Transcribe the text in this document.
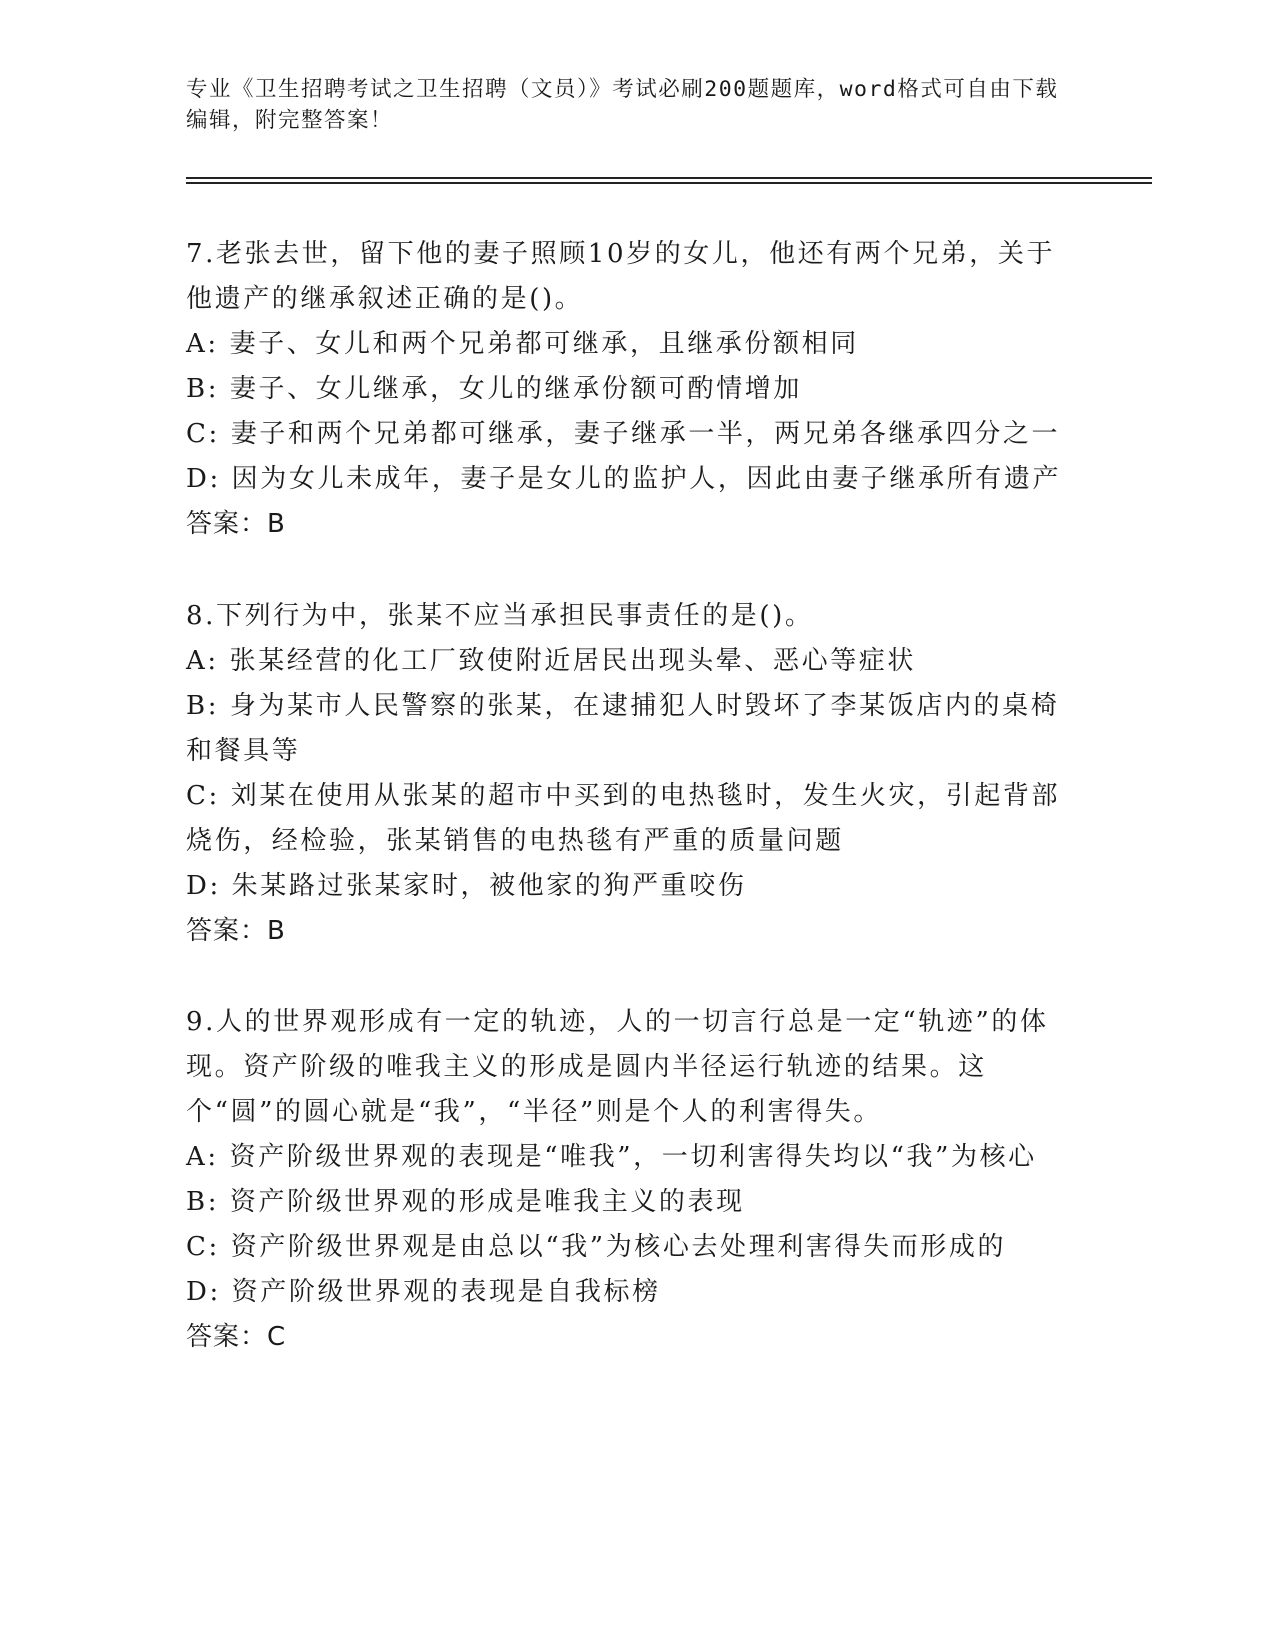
专业《卫生招聘考试之卫生招聘（文员）》考试必刷200题题库，word格式可自由下载编辑，附完整答案！
7.老张去世，留下他的妻子照顾10岁的女儿，他还有两个兄弟，关于他遗产的继承叙述正确的是()。
A: 妻子、女儿和两个兄弟都可继承，且继承份额相同
B: 妻子、女儿继承，女儿的继承份额可酌情增加
C: 妻子和两个兄弟都可继承，妻子继承一半，两兄弟各继承四分之一
D: 因为女儿未成年，妻子是女儿的监护人，因此由妻子继承所有遗产
答案：B
8.下列行为中，张某不应当承担民事责任的是()。
A: 张某经营的化工厂致使附近居民出现头晕、恶心等症状
B: 身为某市人民警察的张某，在逮捕犯人时毁坏了李某饭店内的桌椅和餐具等
C: 刘某在使用从张某的超市中买到的电热毯时，发生火灾，引起背部烧伤，经检验，张某销售的电热毯有严重的质量问题
D: 朱某路过张某家时，被他家的狗严重咬伤
答案：B
9.人的世界观形成有一定的轨迹，人的一切言行总是一定“轨迹”的体现。资产阶级的唯我主义的形成是圆内半径运行轨迹的结果。这个“圆”的圆心就是“我”，“半径”则是个人的利害得失。
A: 资产阶级世界观的表现是“唯我”，一切利害得失均以“我”为核心
B: 资产阶级世界观的形成是唯我主义的表现
C: 资产阶级世界观是由总以“我”为核心去处理利害得失而形成的
D: 资产阶级世界观的表现是自我标榜
答案：C
